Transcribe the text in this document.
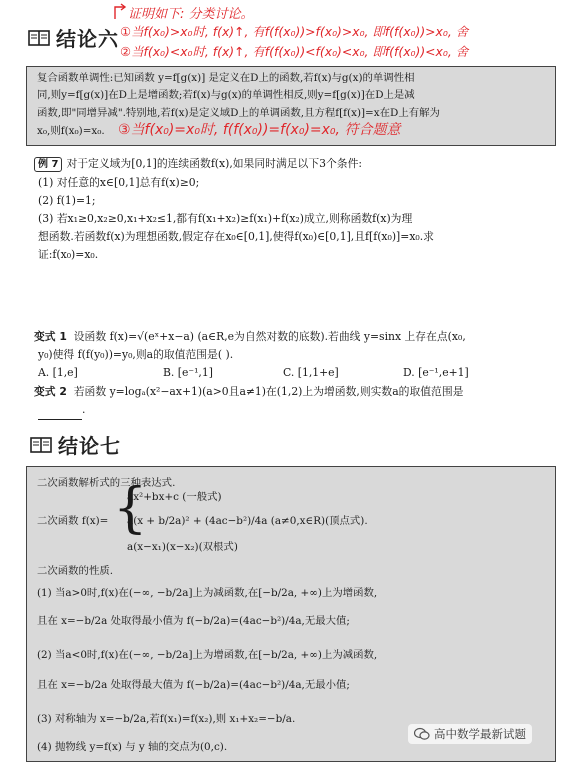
结论六
证明如下: 分类讨论。
①当f(x₀)>x₀时, f(x)↑, 有f(f(x₀))>f(x₀)>x₀, 即f(f(x₀))>x₀, 舍
②当f(x₀)<x₀时, f(x)↑, 有f(f(x₀))<f(x₀)<x₀, 即f(f(x₀))<x₀, 舍
复合函数单调性:已知函数 y=f[g(x)] 是定义在D上的函数,若f(x)与g(x)的单调性相
同,则y=f[g(x)]在D上是增函数;若f(x)与g(x)的单调性相反,则y=f[g(x)]在D上是减
函数,即"同增异减".特别地,若f(x)是定义域D上的单调函数,且方程f[f(x)]=x在D上有解为
x₀,则f(x₀)=x₀. ③当f(x₀)=x₀时, f(f(x₀))=f(x₀)=x₀, 符合题意
例 7 对于定义域为[0,1]的连续函数f(x),如果同时满足以下3个条件:
(1) 对任意的x∈[0,1]总有f(x)≥0;
(2) f(1)=1;
(3) 若x₁≥0,x₂≥0,x₁+x₂≤1,都有f(x₁+x₂)≥f(x₁)+f(x₂)成立,则称函数f(x)为理
想函数.若函数f(x)为理想函数,假定存在x₀∈[0,1],使得f(x₀)∈[0,1],且f[f(x₀)]=x₀.求
证:f(x₀)=x₀.
变式 1 设函数 f(x)=√(eˣ+x−a) (a∈R,e为自然对数的底数).若曲线 y=sinx 上存在点(x₀,
y₀)使得 f(f(y₀))=y₀,则a的取值范围是( ).
A. [1,e]	B. [e⁻¹,1]	C. [1,1+e]	D. [e⁻¹,e+1]
变式 2 若函数 y=logₐ(x²−ax+1)(a>0且a≠1)在(1,2)上为增函数,则实数a的取值范围是
.
结论七
二次函数解析式的三种表达式.
二次函数 f(x)= {
ax²+bx+c (一般式)
a(x + b/2a)² + (4ac−b²)/4a (a≠0,x∈R)(顶点式).
a(x−x₁)(x−x₂)(双根式)
二次函数的性质.
(1) 当a>0时,f(x)在(−∞, −b/2a]上为减函数,在[−b/2a, +∞)上为增函数,
且在 x=−b/2a 处取得最小值为 f(−b/2a)=(4ac−b²)/4a,无最大值;
(2) 当a<0时,f(x)在(−∞, −b/2a]上为增函数,在[−b/2a, +∞)上为减函数,
且在 x=−b/2a 处取得最大值为 f(−b/2a)=(4ac−b²)/4a,无最小值;
(3) 对称轴为 x=−b/2a,若f(x₁)=f(x₂),则 x₁+x₂=−b/a.
(4) 抛物线 y=f(x) 与 y 轴的交点为(0,c).
高中数学最新试题
